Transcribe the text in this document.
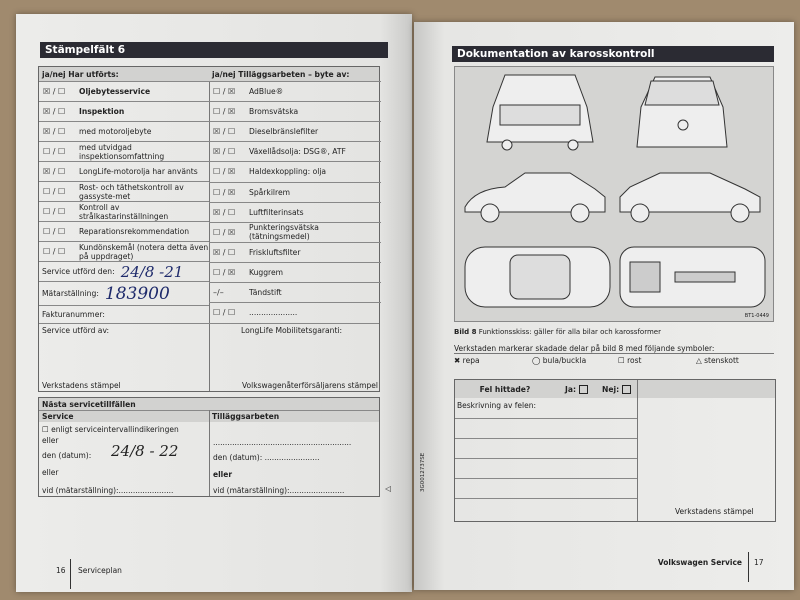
Stämpelfält 6
ja/nej Har utförts:	ja/nej Tilläggsarbeten – byte av:
☒ / ☐	Oljebytesservice
☒ / ☐	Inspektion
☒ / ☐	med motoroljebyte
☐ / ☐	med utvidgad inspektionsomfattning
☒ / ☐	LongLife-motorolja har använts
☐ / ☐	Rost- och täthetskontroll av gassyste-met
☐ / ☐	Kontroll av strålkastarinställningen
☐ / ☐	Reparationsrekommendation
☐ / ☐	Kundönskemål (notera detta även på uppdraget)
☐ / ☒	AdBlue®
☐ / ☒	Bromsvätska
☒ / ☐	Dieselbränslefilter
☒ / ☐	Växellådsolja: DSG®, ATF
☐ / ☒	Haldexkoppling: olja
☐ / ☒	Spårkilrem
☒ / ☐	Luftfilterinsats
☐ / ☒	Punkteringsvätska (tätningsmedel)
☒ / ☐	Friskluftsfilter
☐ / ☒	Kuggrem
–/–	Tändstift
☐ / ☐	....................
Service utförd den: 24/8 -21
Mätarställning: 183900
Fakturanummer:
Service utförd av:	LongLife Mobilitetsgaranti:
Verkstadens stämpel	Volkswagenåterförsäljarens stämpel
Nästa servicetillfällen
Service	Tilläggsarbeten
☐ enligt serviceintervallindikeringen
eller
den (datum): 24/8 - 22
eller
vid (mätarställning):.......................
..........................................................
den (datum): .......................
eller
vid (mätarställning):.......................	◁
16 Serviceplan
Dokumentation av karosskontroll
BT1-0449
Bild 8 Funktionsskiss: gäller för alla bilar och karossformer
Verkstaden markerar skadade delar på bild 8 med följande symboler:
✖ repa	◯ bula/buckla	☐ rost	△ stenskott
Fel hittade?	Ja:	Nej:
Beskrivning av felen:
Verkstadens stämpel
3G0012737SE
Volkswagen Service 17
